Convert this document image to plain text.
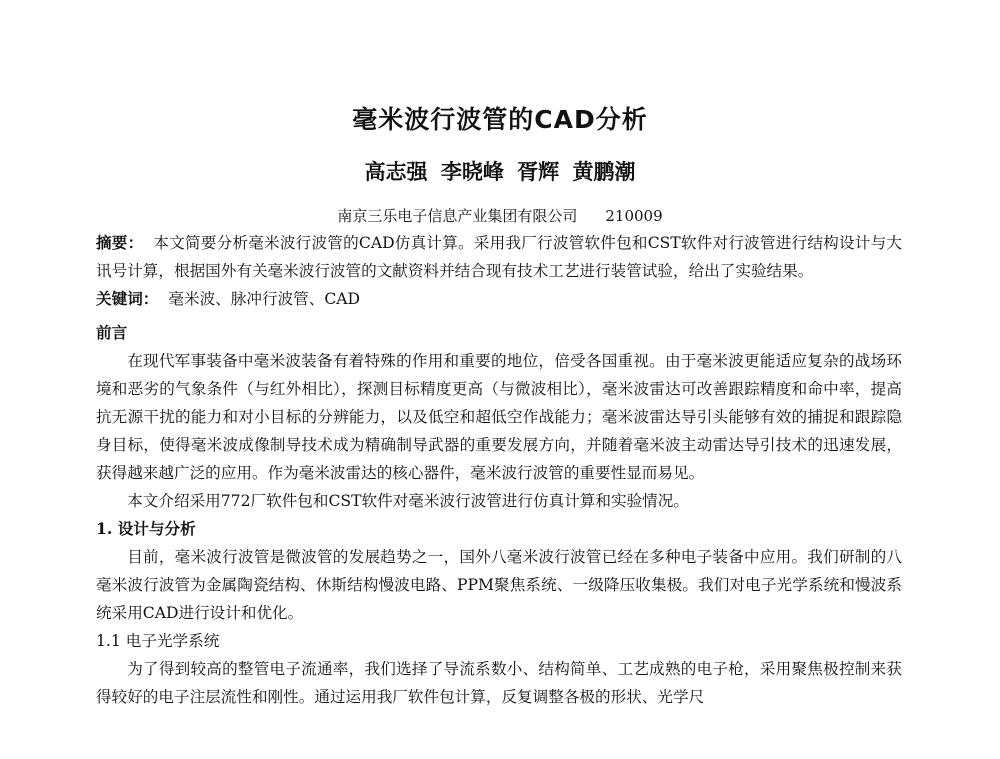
毫米波行波管的CAD分析
高志强 李晓峰 胥辉 黄鹏潮
南京三乐电子信息产业集团有限公司 210009

摘要： 本文简要分析毫米波行波管的CAD仿真计算。采用我厂行波管软件包和CST软件对行波管进行结构设计与大讯号计算，根据国外有关毫米波行波管的文献资料并结合现有技术工艺进行装管试验，给出了实验结果。

关键词： 毫米波、脉冲行波管、CAD

前言

在现代军事装备中毫米波装备有着特殊的作用和重要的地位，倍受各国重视。由于毫米波更能适应复杂的战场环境和恶劣的气象条件（与红外相比），探测目标精度更高（与微波相比），毫米波雷达可改善跟踪精度和命中率，提高抗无源干扰的能力和对小目标的分辨能力，以及低空和超低空作战能力；毫米波雷达导引头能够有效的捕捉和跟踪隐身目标，使得毫米波成像制导技术成为精确制导武器的重要发展方向，并随着毫米波主动雷达导引技术的迅速发展，获得越来越广泛的应用。作为毫米波雷达的核心器件，毫米波行波管的重要性显而易见。

本文介绍采用772厂软件包和CST软件对毫米波行波管进行仿真计算和实验情况。

1. 设计与分析

目前，毫米波行波管是微波管的发展趋势之一，国外八毫米波行波管已经在多种电子装备中应用。我们研制的八毫米波行波管为金属陶瓷结构、休斯结构慢波电路、PPM聚焦系统、一级降压收集极。我们对电子光学系统和慢波系统采用CAD进行设计和优化。

1.1 电子光学系统

为了得到较高的整管电子流通率，我们选择了导流系数小、结构简单、工艺成熟的电子枪，采用聚焦极控制来获得较好的电子注层流性和刚性。通过运用我厂软件包计算，反复调整各极的形状、光学尺
